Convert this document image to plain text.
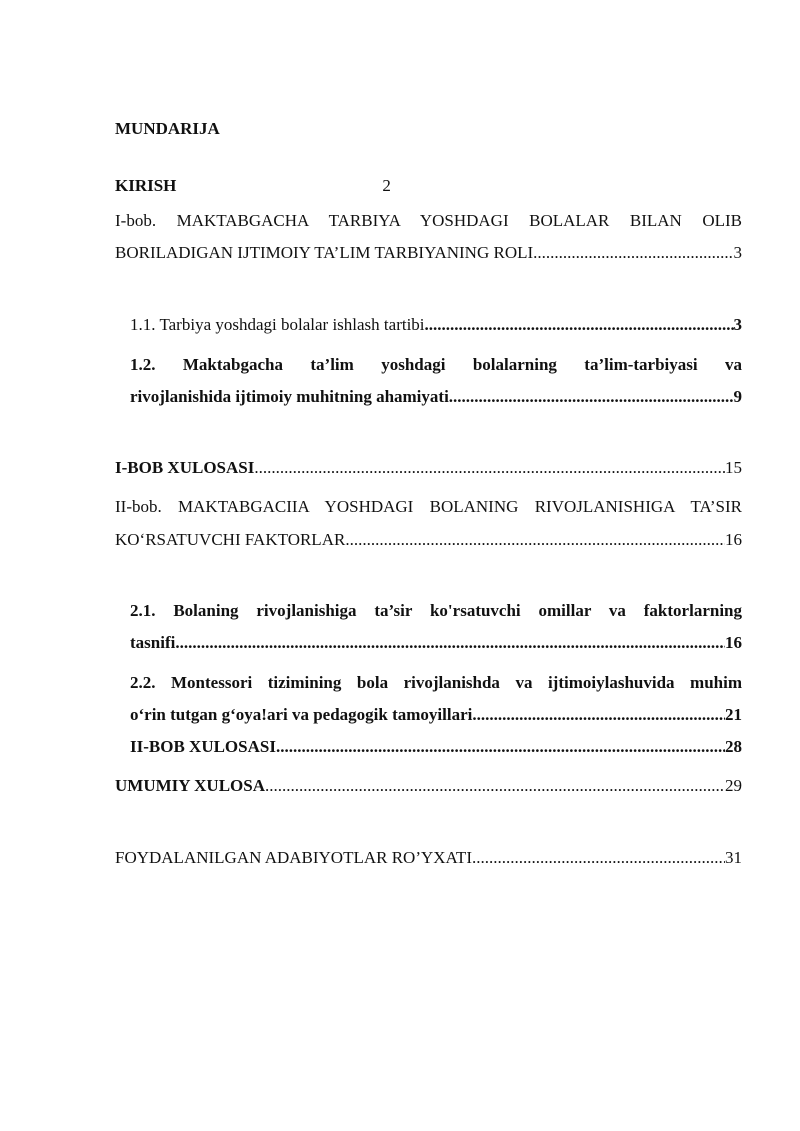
MUNDARIJA
KIRISH	2
I-bob. MAKTABGACHA TARBIYA YOSHDAGI BOLALAR BILAN OLIB
BORILADIGAN IJTIMOIY TA’LIM TARBIYANING ROLI .....	3
1.1. Tarbiya yoshdagi bolalar ishlash tartibi .....	3
1.2. Maktabgacha ta’lim yoshdagi bolalarning ta’lim-tarbiyasi va
rivojlanishida ijtimoiy muhitning ahamiyati .....	9
I-BOB XULOSASI .....	15
II-bob. MAKTABGACIIA YOSHDAGI BOLANING RIVOJLANISHIGA TA’SIR
KO‘RSATUVCHI FAKTORLAR .....	16
2.1. Bolaning rivojlanishiga ta’sir ko'rsatuvchi omillar va faktorlarning
tasnifi .....	16
2.2. Montessori tizimining bola rivojlanishda va ijtimoiylashuvida muhim
o‘rin tutgan g‘oya!ari va pedagogik tamoyillari .....	21
II-BOB XULOSASI .....	28
UMUMIY XULOSA .....	29
FOYDALANILGAN ADABIYOTLAR RO’YXATI .....	31
